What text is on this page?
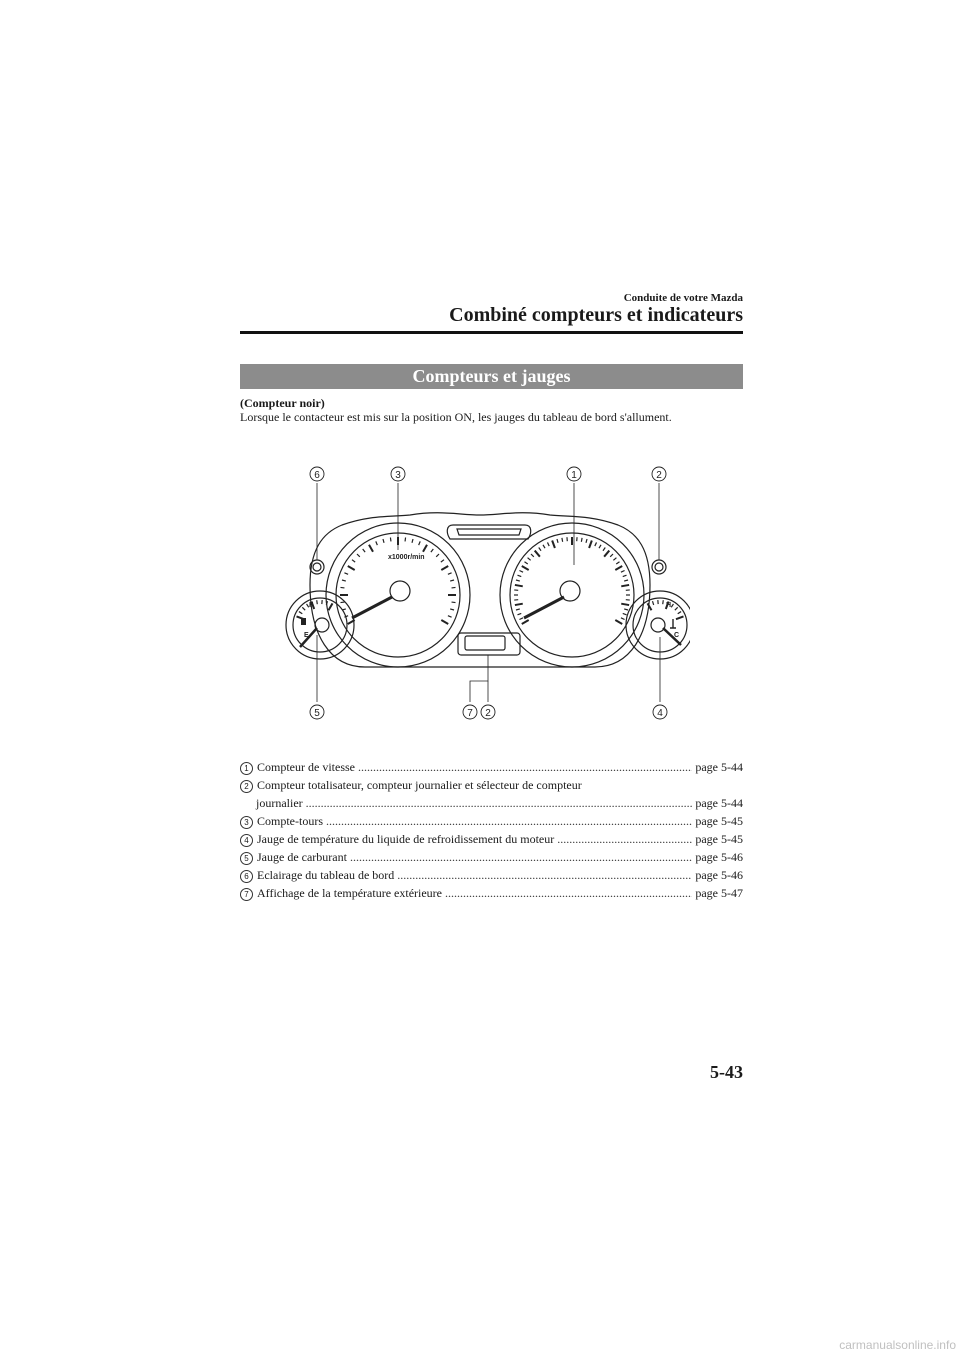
Conduite de votre Mazda
Combiné compteurs et indicateurs
Compteurs et jauges
(Compteur noir)
Lorsque le contacteur est mis sur la position ON, les jauges du tableau de bord s'allument.
x1000r/min
F
E
H
C
6	3	1	2
5	7 2	4
1 Compteur de vitesse .....	page 5-44
2 Compteur totalisateur, compteur journalier et sélecteur de compteur
journalier .....	page 5-44
3 Compte-tours .....	page 5-45
4 Jauge de température du liquide de refroidissement du moteur .....	page 5-45
5 Jauge de carburant .....	page 5-46
6 Eclairage du tableau de bord .....	page 5-46
7 Affichage de la température extérieure .....	page 5-47
5-43
carmanualsonline.info
